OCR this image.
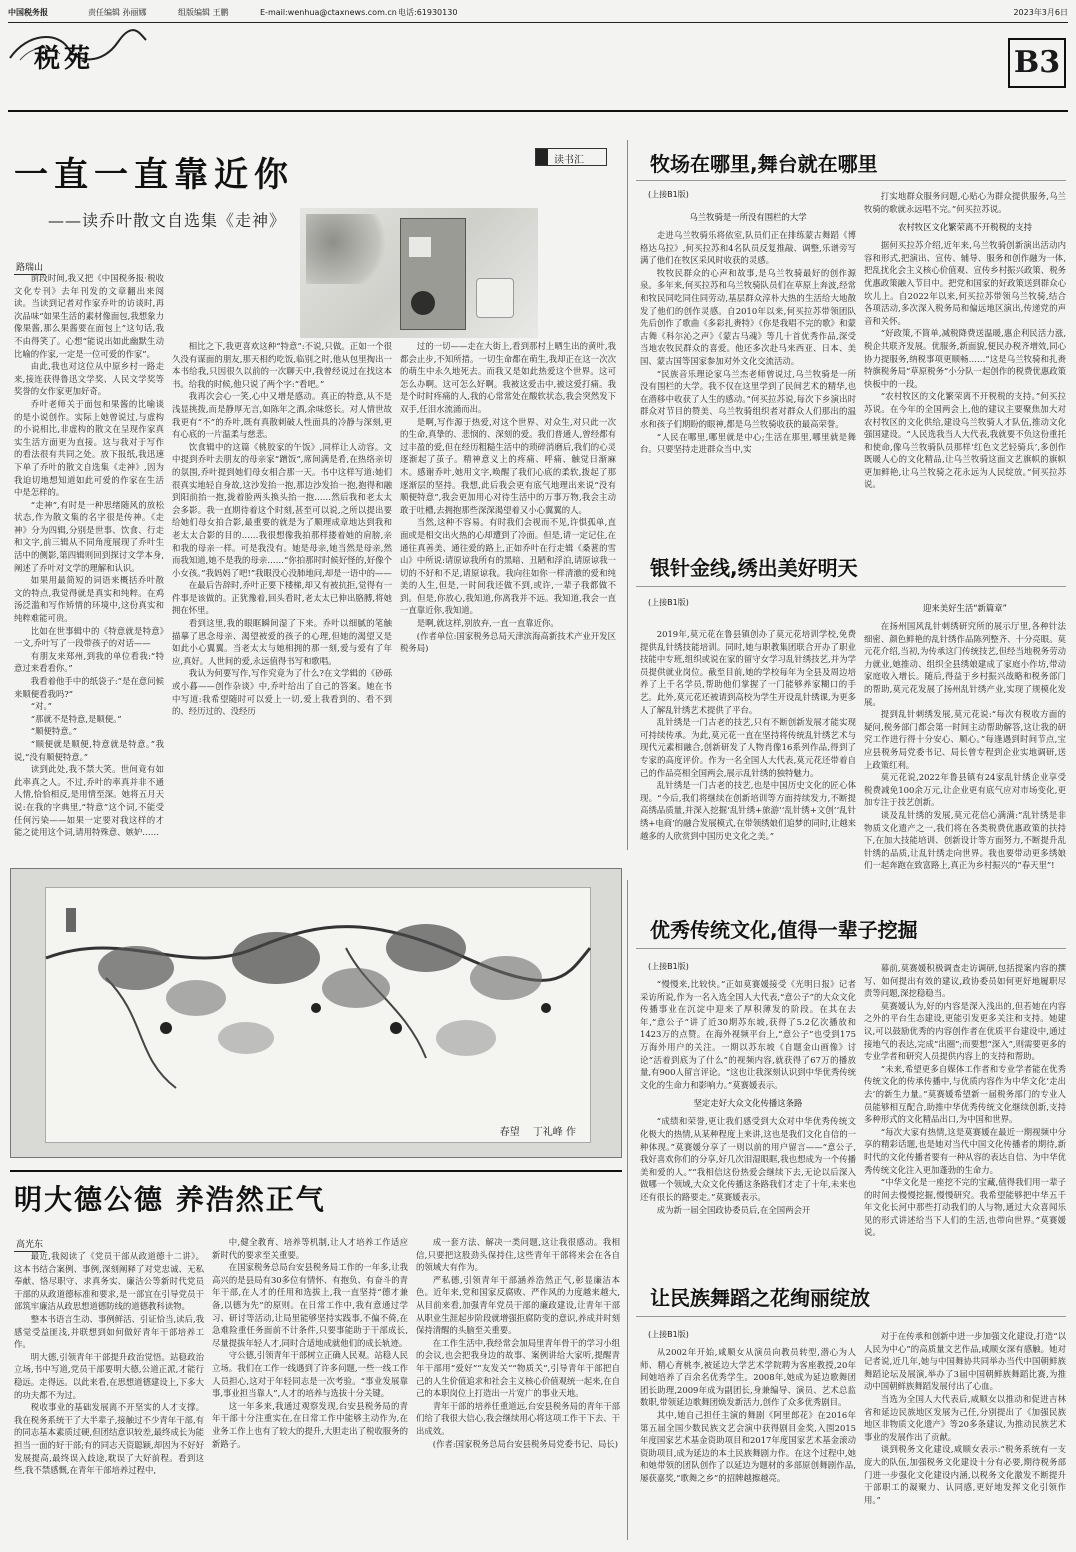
中国税务报	责任编辑 孙丽娜	组版编辑 王鹏	E-mail:wenhua@ctaxnews.com.cn 电话:61930130	2023年3月6日
税苑	B3
读书汇
一直一直靠近你
——读乔叶散文自选集《走神》
路瑞山

前段时间,我又把《中国税务报·税收文化专刊》去年刊发的文章翻出来阅读。当读到记者对作家乔叶的访谈时,再次品味“如果生活的素材像面包,我想象力像果酱,那么果酱要在面包上”这句话,我不由得笑了。心想“能说出如此幽默生动比喻的作家,一定是一位可爱的作家”。

由此,我也对这位从中原乡村一路走来,接连获得鲁迅文学奖、人民文学奖等奖誉的女作家更加好奇。

乔叶老师关于面包和果酱的比喻谈的是小说创作。实际上她曾说过,与虚构的小说相比,非虚构的散文在呈现作家真实生活方面更为直接。这与我对于写作的看法很有共同之处。放下报纸,我迅速下单了乔叶的散文自选集《走神》,因为我迫切地想知道如此可爱的作家在生活中是怎样的。

“走神”,有时是一种思绪随风的放松状态,作为散文集的名字很是传神。《走神》分为四辑,分别是世事、饮食、行走和文字,前三辑从不同角度展现了乔叶生活中的侧影,第四辑则回到探讨文学本身,阐述了乔叶对文学的理解和认识。

如果用最简短的词语来概括乔叶散文的特点,我觉得就是真实和纯粹。在鸡汤泛滥和写作矫情的环境中,这份真实和纯粹难能可贵。

比如在世事辑中的《特意就是特意》一文,乔叶写了一段带孩子的对话——

有朋友来郑州,到我的单位看我:“特意过来看看你。”

我看着他手中的纸袋子:“是在意问候来顺便看我吗?”

“对。”

“那就不是特意,是顺便。”

“顺便特意。”

“顺便就是顺便,特意就是特意。”我说,“没有顺便特意。”

读到此处,我不禁大笑。世间竟有如此率真之人。不过,乔叶的率真并非不通人情,恰恰相反,是用情至深。她将五月天说:在我的字典里,“特意”这个词,不能受任何污染——如果一定要对我这样的才能之徒用这个词,请用特殊意、嫉妒……

相比之下,我更喜欢这种“特意”:不说,只做。正如一个很久没有谋面的朋友,那天相约吃饭,临别之时,他从包里掏出一本书给我,只因很久以前的一次聊天中,我曾经说过在找这本书。给我的时候,他只说了两个字:“看吧。”

我再次会心一笑,心中又增是感动。真正的特意,从不是浅显挑拨,而是静厚无言,如陈年之酒,余味悠长。对人情世故我更有“不”的乔叶,既有真散刺破人性面具的冷静与深刻,更有心底的一片温柔与慈悲。

饮食辑中的这篇《桃胶家的午饭》,同样让人动容。文中提到乔叶去朋友的母亲家“蹭饭”,席间满是肴,在热络亲切的氛围,乔叶提到她们母女相合那一天。书中这样写道:她们很真实地轻自身故,这沙发抬一抱,那边沙发抬一抱,抱得和融到阳前抬一抱,拢着脸两头换头抬一抱……然后我和老太太会多影。我一直期待着这个时刻,甚至可以说,之所以提出要给她们母女拍合影,最重要的就是为了顺理成章地达到我和老太太合影的目的……我很想像我拍那样搂着她的肩膀,亲和我的母亲一样。可是我没有。她是母亲,她当然是母亲,然而我知道,她不是我的母亲……“你拍那时时候好怪的,好像个小女孩。”我妈妈了吧!”我眼没心没肺地问,却是一语中的——

在最后告辞时,乔叶正要下楼梯,却又有被抗拒,觉得有一件事是该做的。正犹豫着,回头看时,老太太已伸出胳膊,将她拥在怀里。

看到这里,我的眼眶瞬间湿了下来。乔叶以细腻的笔触描摹了思念母亲、渴望被爱的孩子的心理,但她的渴望又是如此小心翼翼。当老太太与她相拥的那一刻,爱与爱有了年应,真好。人世间的爱,永远值得书写和歌唱。

我认为何要写作,写作究竟为了什么?在文学辑的《砂砾或小暮——创作杂谈》中,乔叶给出了自己的答案。她在书中写道:我希望随时可以爱上一切,爱上我看到的、看不到的、经历过的、没经历

过的一切——走在大街上,看到那村上晒生出的黄叶,我都会止步,不知所措。一切生命都在萌生,我却正在这一次次的萌生中永久地死去。而我又是如此热爱这个世界。这可怎么办啊。这可怎么好啊。我被这爱击中,被这爱打痛。我是个时时疼痛的人,我的心常常处在酸软状态,我会突然发下双手,任泪水流涌而出。

是啊,写作源于热爱,对这个世界、对众生,对只此一次的生命,真挚的、悲悯的、深刻的爱。我们普通人,曾经都有过丰盈的爱,但在经历粗糙生活中的琐碎消磨后,我们的心灵逐渐起了茧子。精神意义上的疼痛、呼痛、触觉日渐麻木。感谢乔叶,她用文字,唤醒了我们心底的柔软,拨起了那逐渐层的坚持。我想,此后我会更有底气地理出来说“没有顺便特意”,我会更加用心对待生活中的万事万物,我会主动敢于吐槽,去拥抱那些深深渴望着又小心翼翼的人。

当然,这种不容易。有时我们会视而不见,许惧孤单,直面或是相交出火热的心却遭到了冷面。但是,请一定记住,在通往真善美、通往爱的路上,正如乔叶在行走辑《桑葚的雪山》中所说:请原谅我所有的黑暗、丑陋和浮泊,请原谅我一切的不好和不足,请原谅我。我向往如你一样清澈的爱和纯美的人生,但是,一时间我还做不到,或许,一辈子我都做不到。但是,你放心,我知道,你离我并不远。我知道,我会一直一直靠近你,我知道。

是啊,就这样,别放弃,一直一直靠近你。

(作者单位:国家税务总局天津滨海高新技术产业开发区税务局)

牧场在哪里,舞台就在哪里
(上接B1版)
乌兰牧骑是一所没有围栏的大学

走进乌兰牧骑乐将依室,队员们正在排练蒙古舞蹈《博格达乌拉》,何买拉苏和4名队员反复推敲、调整,乐谱旁写满了他们在牧区采风时收获的灵感。

牧牧民群众的心声和故事,是乌兰牧骑最好的创作源泉。多年来,何买拉苏和乌兰牧骑队员们在草原上奔波,经常和牧民同吃同住同劳动,基层群众淳朴大热的生活给大地散发了他们的创作灵感。自2010年以来,何买拉苏带领团队先后创作了歌曲《多彩扎赉特》《你是我唱不完的歌》和蒙古舞《科尔沁之声》《蒙古马魂》等几十首优秀作品,深受当地农牧民群众的喜爱。他还多次赴马来西亚、日本、美国、蒙古国等国家参加对外文化交流活动。

“民族音乐理论家乌兰杰老师曾说过,乌兰牧骑是一所没有围栏的大学。我不仅在这里学到了民间艺术的精华,也在潜移中收获了人生的感动。”何买拉苏说,每次下乡演出时群众对节目的赞美、乌兰牧骑组织者对群众人们那出的温水和孩子们期盼的眼神,都是乌兰牧骑收获的最高荣誉。

“人民在哪里,哪里就是中心;生活在那里,哪里就是舞台。只要坚持走进群众当中,实

打实地群众服务问题,心贴心为群众提供服务,乌兰牧骑的歌就永远唱不完。”何买拉苏说。

农村牧区文化繁荣离不开税税的支持

据何买拉苏介绍,近年来,乌兰牧骑创新演出活动内容和形式,把演出、宣传、辅导、服务和创作融为一体,把乱扰化会主义核心价值观、宣传乡村振兴政策、税务优惠政策融入节目中。把党和国家的好政策送到群众心坎儿上。自2022年以来,何买拉苏带领乌兰牧骑,结合各项活动,多次深入税务局和偏远地区演出,传递党的声音和关怀。

“好政策,不简单,减税降费送温暖,惠企利民活力涨,税企共联齐发展。优服务,新面貌,便民办税齐增效,同心协力提服务,纳税事项更顺畅……”这是乌兰牧骑和扎赉特旗税务局“草原税务”小分队一起创作的税费优惠政策快板中的一段。

“农村牧区的文化繁荣离不开税税的支持。”何买拉苏说。在今年的全国两会上,他的建议主要聚焦加大对农村牧区的文化供给,建设乌兰牧骑人才队伍,推动文化强国建设。“人民选我当人大代表,我就要不负这份重托和使命,像乌兰牧骑队员那样‘红色文艺轻骑兵’,多创作既暖人心的文化精品,让乌兰牧骑这面文艺旗帜的旗帜更加鲜艳,让乌兰牧骑之花永远为人民绽放。”何买拉苏说。

银针金线,绣出美好明天
(上接B1版)

2019年,莫元花在鲁县镇创办了莫元花培训学校,免费提供乱针绣技能培训。同时,她与职教集团联合开办了职业技能中专班,组织或说在家的留守女学习乱针绣技艺,并为学员提供就业岗位。截至目前,她的学校每年为全县及周边培养了上千名学员,帮助他们掌握了一门能够养家糊口的手艺。此外,莫元花还被请到高校为学生开设乱针绣课,为更多人了解乱针绣艺术提供了平台。

乱针绣是一门古老的技艺,只有不断创新发展才能实现可持续传承。为此,莫元花一直在坚持将传统乱针绣艺术与现代元素相融合,创新研发了人物肖像16系列作品,得到了专家的高度评价。作为一名全国人大代表,莫元花还带着自己的作品亮相全国两会,展示乱针绣的独特魅力。

乱针绣是一门古老的技艺,也是中国历史文化的匠心体现。“今后,我们将继续在创新培训等方面持续发力,不断提高绣品质量,并深入挖掘‘乱针绣+旅游’‘乱针绣+文创’‘乱针绣+电商’的融合发展模式,在带领绣娘们追梦的同时,让越来越多的人欣赏到中国历史文化之美。”

迎来美好生活“新篇章”

在扬州国风乱针刺绣研究所的展示厅里,各种针法细密、颜色鲜艳的乱针绣作品陈列整齐、十分亮眼。莫元花介绍,当初,为传承这门传统技艺,但经当地税务劳动力就业,她推动、组织全县绣娘建成了家庭小作坊,带动家庭收入增长。随后,得益于乡村振兴战略和税务部门的帮助,莫元花发展了扬州乱针绣产业,实现了规模化发展。

提到乱针刺绣发展,莫元花说:“每次有税收方面的疑问,税务部门都会第一时间主动帮助解答,这让我的研究工作进行得十分安心、顺心。”每逢遇到时间节点,宝应县税务局党委书记、局长曾专程到企业实地调研,送上政策红利。

莫元花说,2022年鲁县镇有24家乱针绣企业享受税费减免100余万元,让企业更有底气应对市场变化,更加专注于技艺创新。

谈及乱针绣的发展,莫元花信心满满:“乱针绣是非物质文化遗产之一,我们将在各类税费优惠政策的扶持下,在加大技能培训、创新设计等方面努力,不断提升乱针绣的品质,让乱针绣走向世界。我也要带动更多绣娘们一起奔跑在致富路上,真正为乡村振兴的“春天里”!

春望 丁礼峰 作
优秀传统文化,值得一辈子挖掘
(上接B1版)

“慢慢来,比较快。”正如莫赛媛接受《光明日报》记者采访所说,作为一名入选全国人大代表,“意公子”的大众文化传播事业在沉淀中迎来了厚积薄发的阶段。在其在去年,“意公子”讲了近30期苏东坡,获得了5.2亿次播放和1423万的点赞。在海外视频平台上,“意公子”也受到175万海外用户的关注。一期以苏东坡《自题金山画像》讨论“活着到底为了什么”的视频内容,就获得了67万的播放量,有900人留言评论。“这也让我深刻认识到中华优秀传统文化的生命力和影响力。”莫赛媛表示。

坚定走好大众文化传播这条路

“成绩和荣誉,更让我们感受到大众对中华优秀传统文化极大的热情,从某种程度上来讲,这也是我们文化自信的一种体现。”莫赛媛分享了一则以前的用户留言——“意公子,我好喜欢你们的分享,好几次泪湿眼眶,我也想成为一个传播美和爱的人。”“我相信这份热爱会继续下去,无论以后深入做哪一个领域,大众文化传播这条路我们才走了十年,未来也还有很长的路要走。”莫赛媛表示。

成为新一届全国政协委员后,在全国两会开

幕前,莫赛媛积极调查走访调研,包括提案内容的撰写、如何提出有效的建议,政协委员如何更好地履职尽责等问题,深挖稳稳当。

莫赛媛认为,好的内容是深入浅出的,但若她在内容之外的平台生态建设,更能引发更多关注和支持。她建议,可以鼓励优秀的内容创作者在优质平台建设中,通过接地气的表达,完成“出圈”;而要想“深入”,则需要更多的专业学者和研究人员提供内容上的支持和帮助。

“未来,希望更多自媒体工作者和专业学者能在优秀传统文化的传承传播中,与优质内容作为中华文化‘走出去’的新生力量。”莫赛媛希望新一届税务部门的专业人员能够相互配合,助推中华优秀传统文化继续创新,支持多种形式的文化精品出口,为中国和世界。

“每次大家有热情,这是莫赛媛在最近一期视频中分享的精彩话题,也是她对当代中国文化传播者的期待,新时代的文化传播者要有一种从容的表达自信、为中华优秀传统文化注入更加蓬勃的生命力。

“中华文化是一座挖不完的宝藏,值得我们用一辈子的时间去慢慢挖掘,慢慢研究。我希望能够把中华五千年文化长河中那些打动我们的人与物,通过大众喜闻乐见的形式讲述给当下人们的生活,也带向世界。”莫赛媛说。

明大德公德 养浩然正气
高光东

最近,我阅读了《党员干部从政道德十二讲》。这本书结合案例、事例,深刻阐释了对党忠诚、无私奉献、恪尽职守、求真务实、廉洁公等新时代党员干部的从政道德标准和要求,是一部宜在引导党员干部筑牢廉洁从政思想道德防线的道德教科读物。

整本书语言生动、事例鲜活、引证恰当,读后,我感觉受益匪浅,并联想到如何做好青年干部培养工作。

明大德,引领青年干部提升政治觉悟。站稳政治立场,书中写道,党员干部要明大德,公道正派,才能行稳远。走得远。以此来看,在思想道德建设上,下多大的功夫都不为过。

税收事业的基础发展离不开坚实的人才支撑。我在税务系统干了大半辈子,接触过不少青年干部,有的同志基本素质过硬,但团结意识较差,最终成长为能担当一面的好干部;有的同志天资聪颖,却因为不好好发展提高,最终误入歧途,耽误了大好前程。看到这些,我不禁感慨,在青年干部培养过程中,

中,健全教育、培养等机制,让人才培养工作适应新时代的要求至关重要。

在国家税务总局台安县税务局工作的一年多,让我高兴的是县局有30多位有情怀、有抱负、有奋斗的青年干部,在人才的任用和选拔上,我一直坚持“德才兼备,以德为先”的原则。在日常工作中,我有意通过学习、研讨等活动,让局里能够坚持实践事,不偏不倚,在急难险重任务面前不计条件,只要事能助于干部成长,尽量提拔年轻人才,同时合适地成就他们的成长轨迹。

守公德,引领青年干部树立正确人民观。站稳人民立场。我们在工作一线遇到了许多问题,一些一线工作人员担心,这对于年轻同志是一次考验。“事业发展靠事,事业担当靠人”,人才的培养与选拔十分关键。

这一年多来,我通过观察发现,台安县税务局的青年干部十分注重实在,在日常工作中能够主动作为,在业务工作上也有了较大的提升,大胆走出了税收服务的新路子。

成一套方法、解决一类问题,这让我很感动。我相信,只要把这股劲头保持住,这些青年干部将来会在各自的领域大有作为。

严私德,引领青年干部涵养浩然正气,彰显廉洁本色。近年来,党和国家反腐败、严作风的力度越来越大,从目前来看,加强青年党员干部的廉政建设,让青年干部从职业生涯起步阶段就增强拒腐防变的意识,养成并时刻保持清醒的头脑至关重要。

在工作生活中,我经常会加局里青年骨干的学习小组的会议,也会把我身边的故事、案例讲给大家听,提醒青年干部用“爱好”“友发关”“物质关”,引导青年干部把自己的人生价值追求和社会主义核心价值观统一起来,在自己的本职岗位上打造出一片宽广的事业天地。

青年干部的培养任重道远,台安县税务局的青年干部们给了我很大信心,我会继续用心将这项工作干下去、干出成效。

(作者:国家税务总局台安县税务局党委书记、局长)

让民族舞蹈之花绚丽绽放
(上接B1版)

从2002年开始,咸顺女从演员向教员转型,潜心为人师、精心育桃李,被延边大学艺术学院聘为客座教授,20年间她培养了百余名优秀学生。2008年,她成为延边歌舞团团长助理,2009年成为副团长,身兼编导、演员、艺术总监数职,带领延边歌舞团焕发新活力,创作了众多优秀剧目。

其中,她自己担任主演的舞剧《阿里郎花》在2016年第五届全国少数民族文艺会演中获得剧目金奖,入围2015年度国家艺术基金资助项目和2017年度国家艺术基金滚动资助项目,成为延边的本土民族舞剧力作。在这个过程中,她和她带领的团队创作了以延边为题材的多部原创舞剧作品,屡获嘉奖,“歌舞之乡”的招牌越擦越亮。

对于在传承和创新中进一步加强文化建设,打造“以人民为中心”的高质量文艺作品,咸顺女深有感触。她对记者说,近几年,她与中国舞协共同举办当代中国朝鲜族舞蹈论坛及展演,举办了3届中国朝鲜族舞蹈比赛,为推动中国朝鲜族舞蹈发展付出了心血。

当选为全国人大代表后,咸顺女以推动和促进吉林省和延边民族地区发展为己任,分别提出了《加强民族地区非物质文化遗产》等20多条建议,为推动民族艺术事业的发展作出了贡献。

谈到税务文化建设,咸顺女表示:“税务系统有一支庞大的队伍,加强税务文化建设十分有必要,期待税务部门进一步强化文化建设内涵,以税务文化激发不断提升干部职工的凝聚力、认同感,更好地发挥文化引领作用。”
